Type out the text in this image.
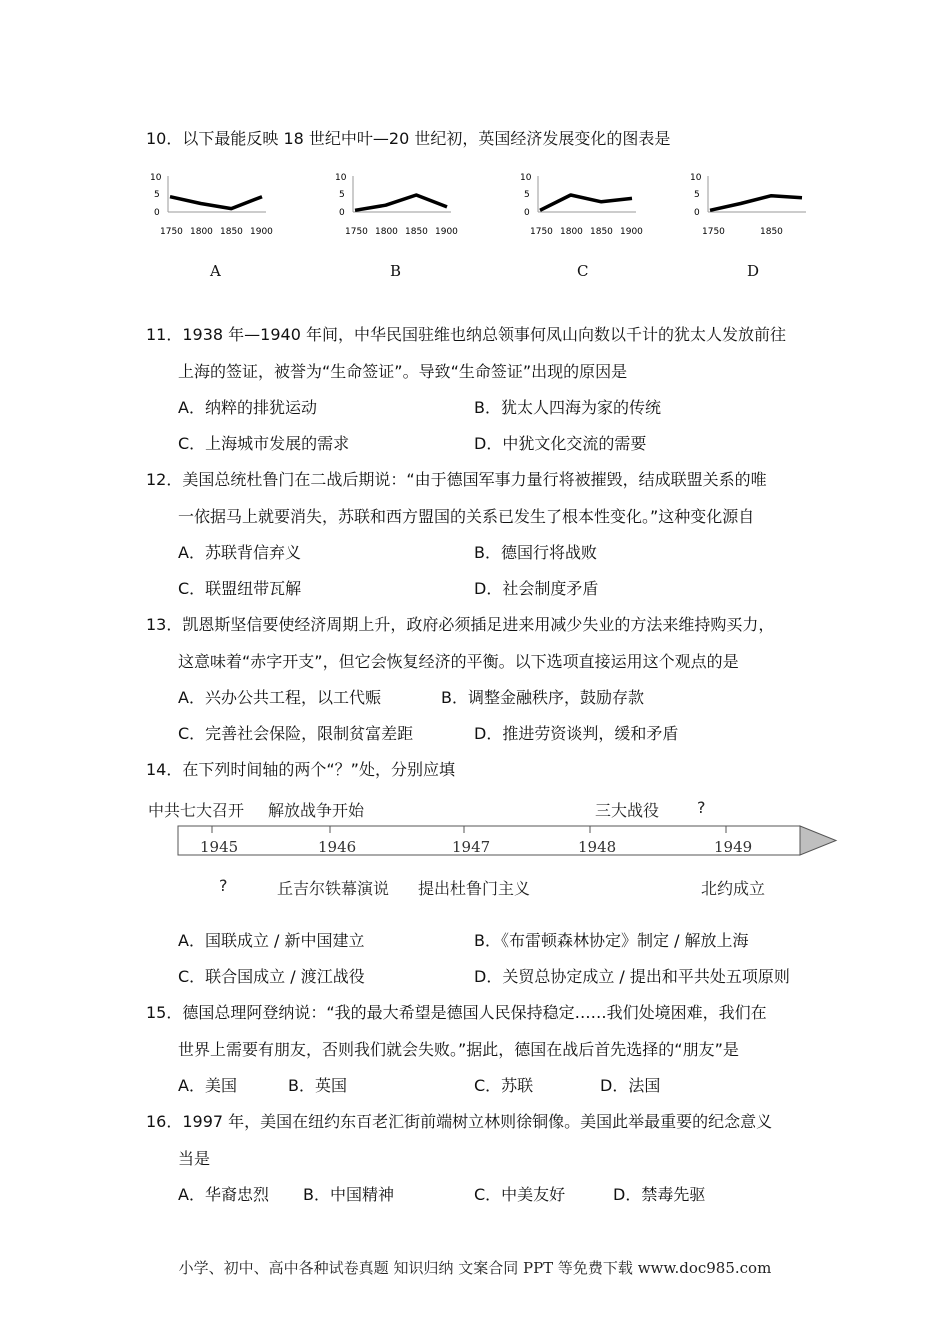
10．以下最能反映 18 世纪中叶—20 世纪初，英国经济发展变化的图表是
10
5
0
1750 1800 1850 1900
A
10
5
0
1750 1800 1850 1900
B
10
5
0
1750 1800 1850 1900
C
10
5
0
1750	1850
D
11．1938 年—1940 年间，中华民国驻维也纳总领事何凤山向数以千计的犹太人发放前往
上海的签证，被誉为“生命签证”。导致“生命签证”出现的原因是
A．纳粹的排犹运动	B．犹太人四海为家的传统
C．上海城市发展的需求	D．中犹文化交流的需要
12．美国总统杜鲁门在二战后期说：“由于德国军事力量行将被摧毁，结成联盟关系的唯
一依据马上就要消失，苏联和西方盟国的关系已发生了根本性变化。”这种变化源自
A．苏联背信弃义	B．德国行将战败
C．联盟纽带瓦解	D．社会制度矛盾
13．凯恩斯坚信要使经济周期上升，政府必须插足进来用减少失业的方法来维持购买力，
这意味着“赤字开支”，但它会恢复经济的平衡。以下选项直接运用这个观点的是
A．兴办公共工程，以工代赈	B．调整金融秩序，鼓励存款
C．完善社会保险，限制贫富差距	D．推进劳资谈判，缓和矛盾
14．在下列时间轴的两个“？”处，分别应填
中共七大召开 解放战争开始	三大战役 ?
1945	1946	1947	1948	1949
?	丘吉尔铁幕演说 提出杜鲁门主义	北约成立
A．国联成立 / 新中国建立	B．《布雷顿森林协定》制定 / 解放上海
C．联合国成立 / 渡江战役	D．关贸总协定成立 / 提出和平共处五项原则
15．德国总理阿登纳说：“我的最大希望是德国人民保持稳定……我们处境困难，我们在
世界上需要有朋友，否则我们就会失败。”据此，德国在战后首先选择的“朋友”是
A．美国	B．英国	C．苏联	D．法国
16．1997 年，美国在纽约东百老汇街前端树立林则徐铜像。美国此举最重要的纪念意义
当是
A．华裔忠烈 B．中国精神	C．中美友好	D．禁毒先驱
小学、初中、高中各种试卷真题 知识归纳 文案合同 PPT 等免费下载 www.doc985.com
